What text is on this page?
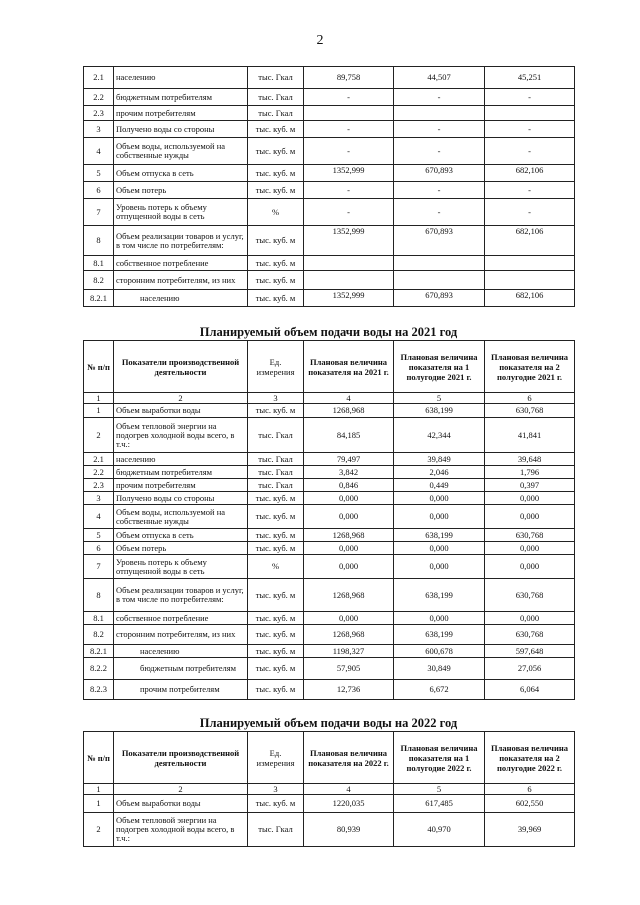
2
2.1	населению	тыс. Гкал	89,758	44,507	45,251
2.2	бюджетным потребителям	тыс. Гкал	-	-	-
2.3	прочим потребителям	тыс. Гкал			
3	Получено воды со стороны	тыс. куб. м	-	-	-
4	Объем воды, используемой на собственные нужды	тыс. куб. м	-	-	-
5	Объем отпуска в сеть	тыс. куб. м	1352,999	670,893	682,106
6	Объем потерь	тыс. куб. м	-	-	-
7	Уровень потерь к объему отпущенной воды в сеть	%	-	-	-
8	Объем реализации товаров и услуг, в том числе по потребителям:	тыс. куб. м	1352,999	670,893	682,106
8.1	собственное потребление	тыс. куб. м			
8.2	сторонним потребителям, из них	тыс. куб. м			
8.2.1	населению	тыс. куб. м	1352,999	670,893	682,106
Планируемый объем подачи воды на 2021 год
№ п/п	Показатели производственной деятельности	Ед. измерения	Плановая величина показателя на 2021 г.	Плановая величина показателя на 1 полугодие 2021 г.	Плановая величина показателя на 2 полугодие 2021 г.
1	2	3	4	5	6
1	Объем выработки воды	тыс. куб. м	1268,968	638,199	630,768
2	Объем тепловой энергии на подогрев холодной воды всего, в т.ч.:	тыс. Гкал	84,185	42,344	41,841
2.1	населению	тыс. Гкал	79,497	39,849	39,648
2.2	бюджетным потребителям	тыс. Гкал	3,842	2,046	1,796
2.3	прочим потребителям	тыс. Гкал	0,846	0,449	0,397
3	Получено воды со стороны	тыс. куб. м	0,000	0,000	0,000
4	Объем воды, используемой на собственные нужды	тыс. куб. м	0,000	0,000	0,000
5	Объем отпуска в сеть	тыс. куб. м	1268,968	638,199	630,768
6	Объем потерь	тыс. куб. м	0,000	0,000	0,000
7	Уровень потерь к объему отпущенной воды в сеть	%	0,000	0,000	0,000
8	Объем реализации товаров и услуг, в том числе по потребителям:	тыс. куб. м	1268,968	638,199	630,768
8.1	собственное потребление	тыс. куб. м	0,000	0,000	0,000
8.2	сторонним потребителям, из них	тыс. куб. м	1268,968	638,199	630,768
8.2.1	населению	тыс. куб. м	1198,327	600,678	597,648
8.2.2	бюджетным потребителям	тыс. куб. м	57,905	30,849	27,056
8.2.3	прочим потребителям	тыс. куб. м	12,736	6,672	6,064
Планируемый объем подачи воды на 2022 год
№ п/п	Показатели производственной деятельности	Ед. измерения	Плановая величина показателя на 2022 г.	Плановая величина показателя на 1 полугодие 2022 г.	Плановая величина показателя на 2 полугодие 2022 г.
1	2	3	4	5	6
1	Объем выработки воды	тыс. куб. м	1220,035	617,485	602,550
2	Объем тепловой энергии на подогрев холодной воды всего, в т.ч.:	тыс. Гкал	80,939	40,970	39,969
